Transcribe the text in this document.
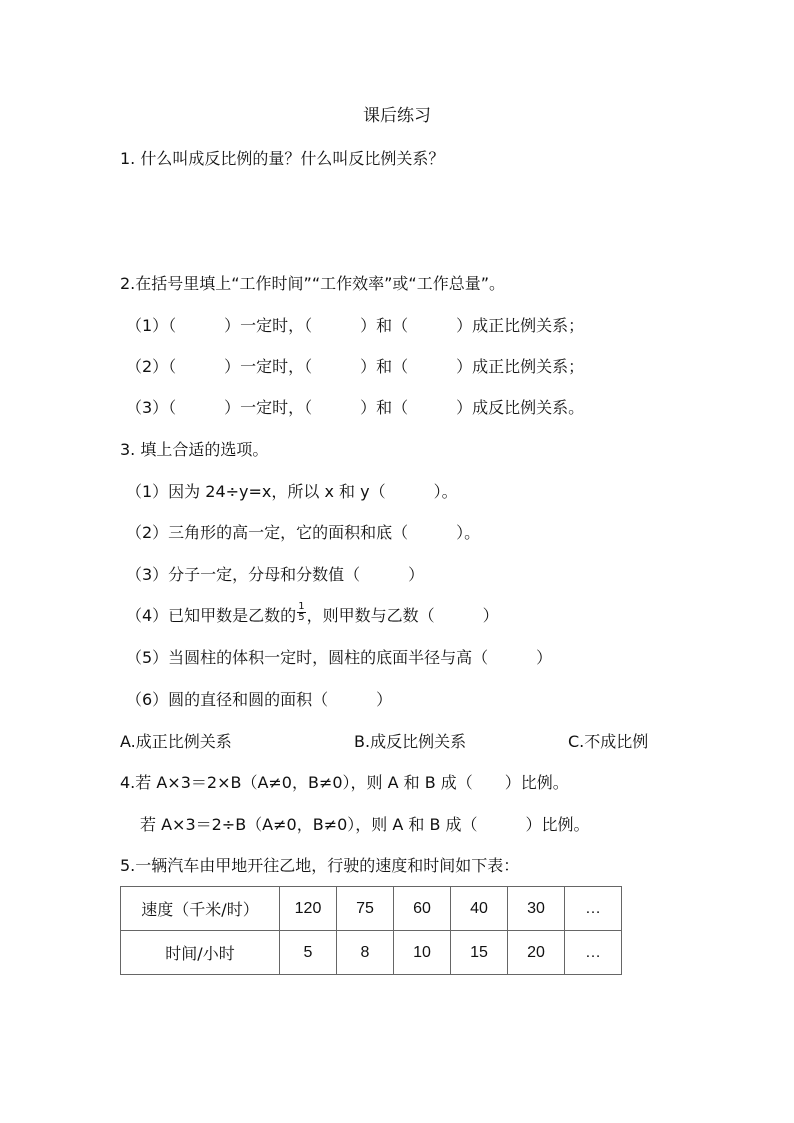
课后练习
1. 什么叫成反比例的量？什么叫反比例关系？
2.在括号里填上“工作时间”“工作效率”或“工作总量”。
（1）（　　　）一定时，（　　　）和（　　　）成正比例关系；
（2）（　　　）一定时，（　　　）和（　　　）成正比例关系；
（3）（　　　）一定时，（　　　）和（　　　）成反比例关系。
3. 填上合适的选项。
（1）因为 24÷y=x，所以 x 和 y（　　　）。
（2）三角形的高一定，它的面积和底（　　　）。
（3）分子一定，分母和分数值（　　　）
（4）已知甲数是乙数的 $\frac{1}{5}$ ，则甲数与乙数（　　　）
（5）当圆柱的体积一定时，圆柱的底面半径与高（　　　）
（6）圆的直径和圆的面积（　　　）
A.成正比例关系	B.成反比例关系	C.不成比例
4.若 A×3＝2×B（A≠0，B≠0），则 A 和 B 成（　　）比例。
若 A×3＝2÷B（A≠0，B≠0），则 A 和 B 成（　　　）比例。
5.一辆汽车由甲地开往乙地，行驶的速度和时间如下表：
速度（千米/时）	120	75	60	40	30	…
时间/小时	5	8	10	15	20	…
